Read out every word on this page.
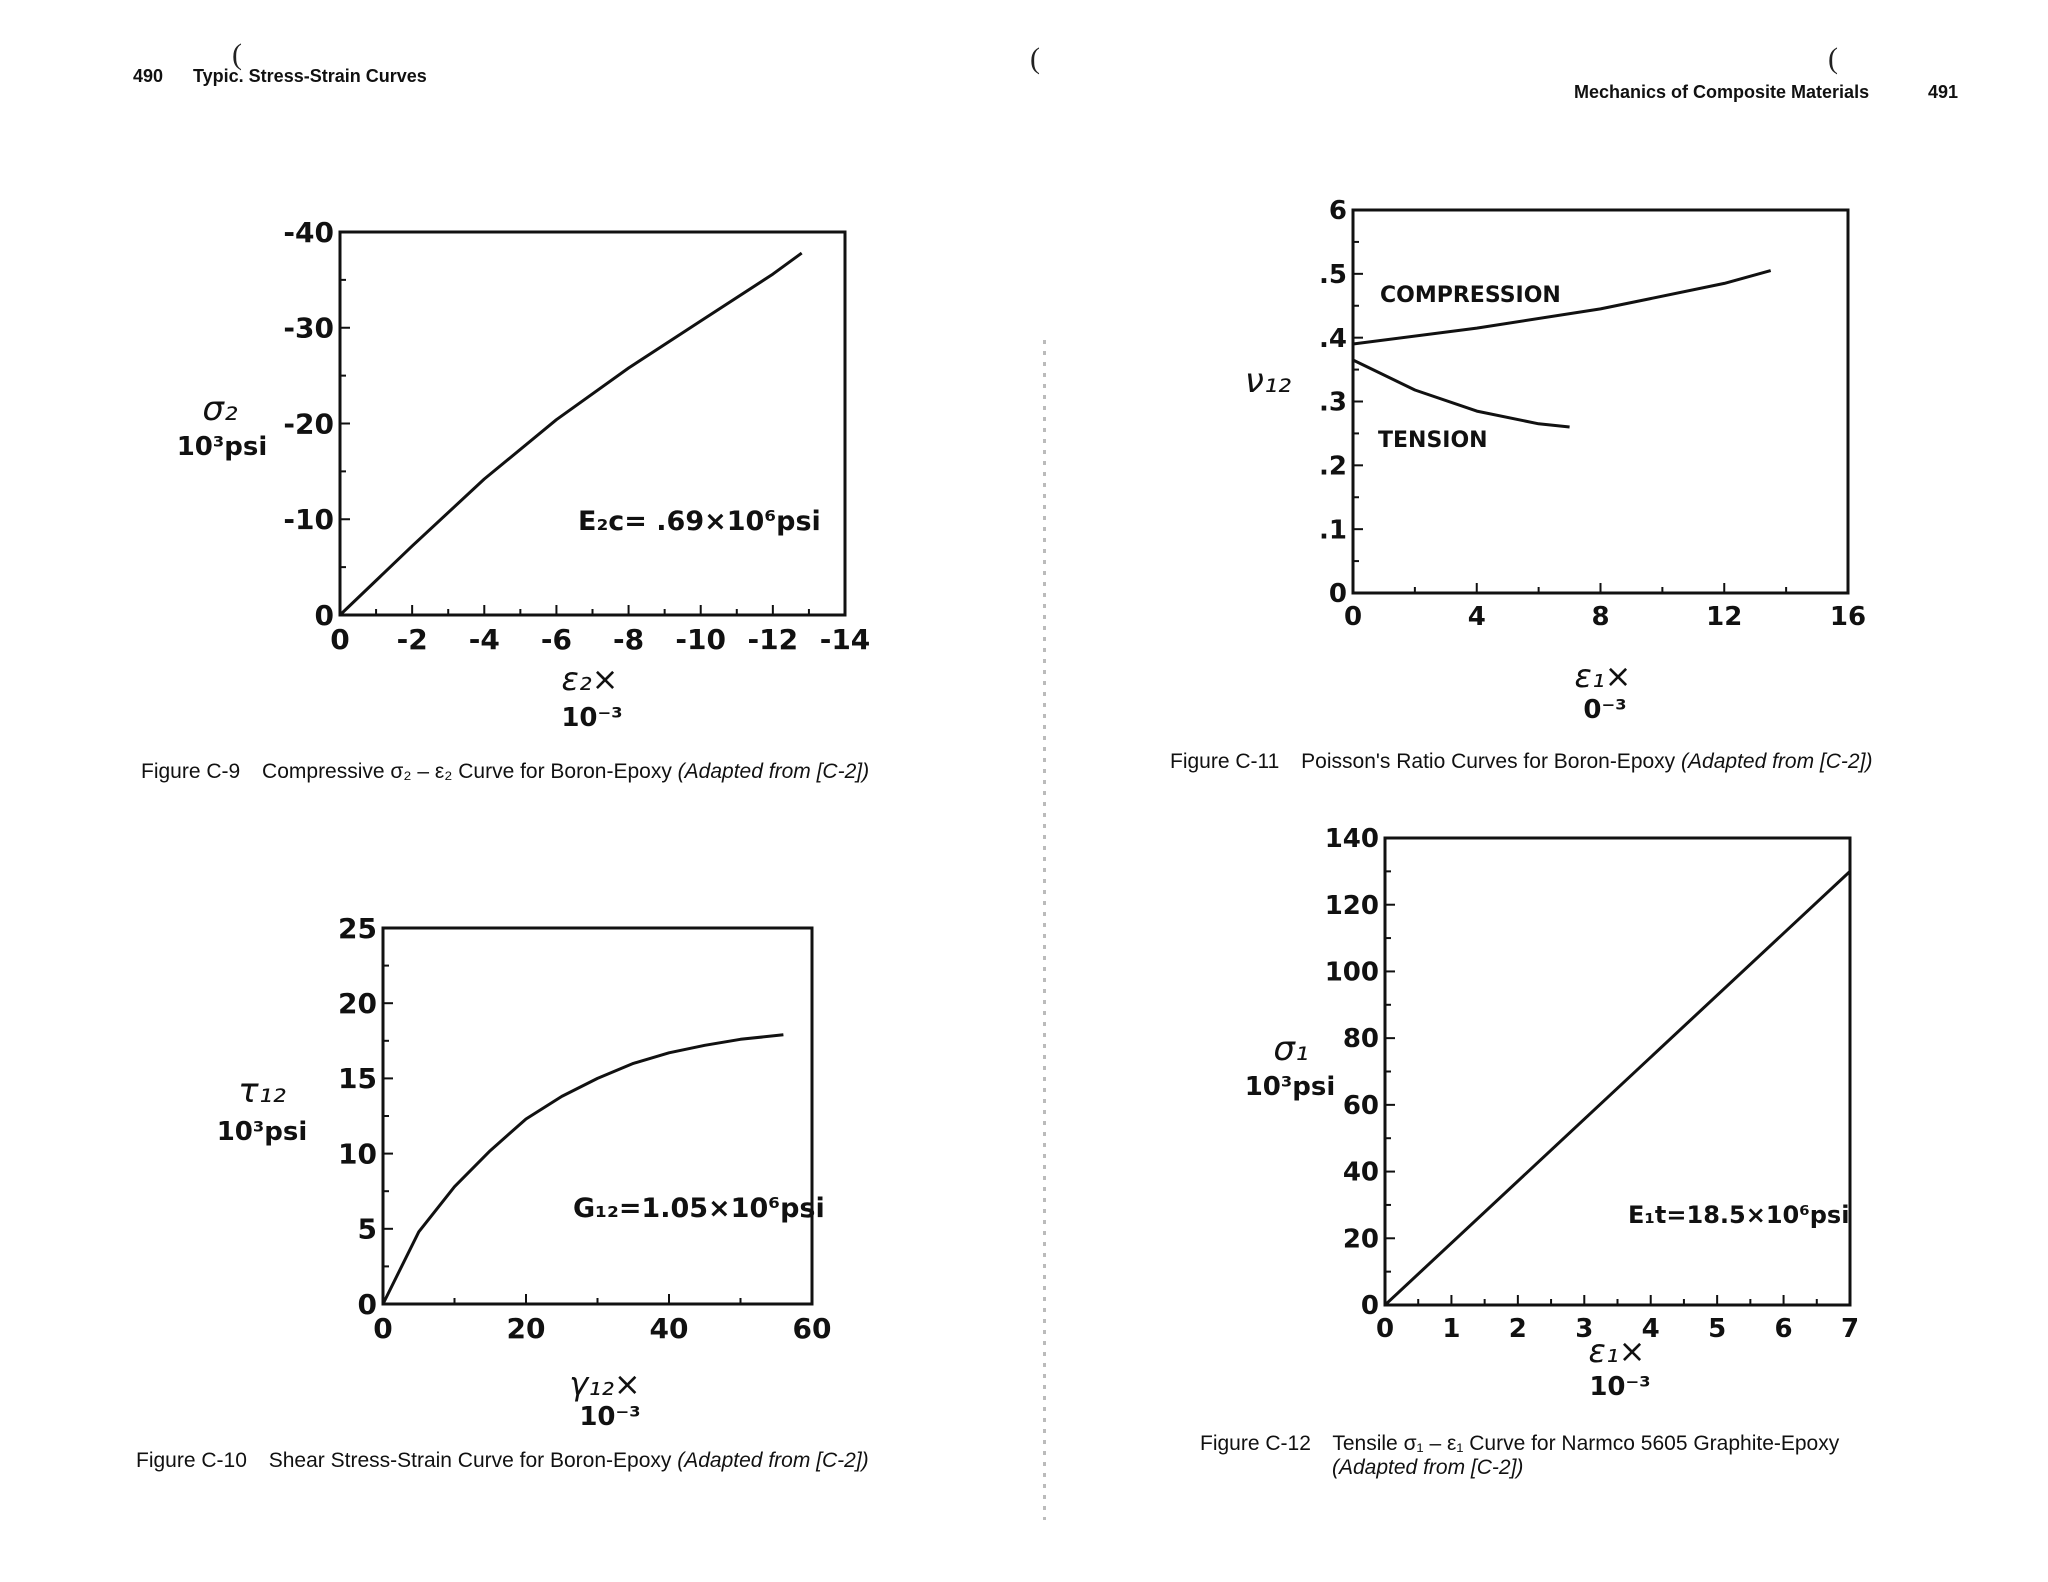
490 Typic. Stress-Strain Curves
Mechanics of Composite Materials	491
(	(	(
0 -2 -4 -6 -8 -10 -12 -14
0
-10
-20
-30
-40
σ₂
10³psi
ε₂×
10⁻³
E₂c= .69×10⁶psi
0	4	8	12	16
0
.1
.2
.3
.4
.5
6
COMPRESSION
TENSION
ν₁₂
ε₁×
0⁻³
0	20	40	60
0
5
10
15
20
25
τ₁₂
10³psi
γ₁₂×
10⁻³
G₁₂=1.05×10⁶psi
0 1 2 3 4 5 6 7
0
20
40
60
80
100
120
140
σ₁
10³psi
ε₁×
10⁻³
E₁t=18.5×10⁶psi
Figure C-9 Compressive σ₂ – ε₂ Curve for Boron-Epoxy (Adapted from [C-2])	Figure C-11 Poisson's Ratio Curves for Boron-Epoxy (Adapted from [C-2])
Figure C-10 Shear Stress-Strain Curve for Boron-Epoxy (Adapted from [C-2])
Figure C-12 Tensile σ₁ – ε₁ Curve for Narmco 5605 Graphite-Epoxy
(Adapted from [C-2])
